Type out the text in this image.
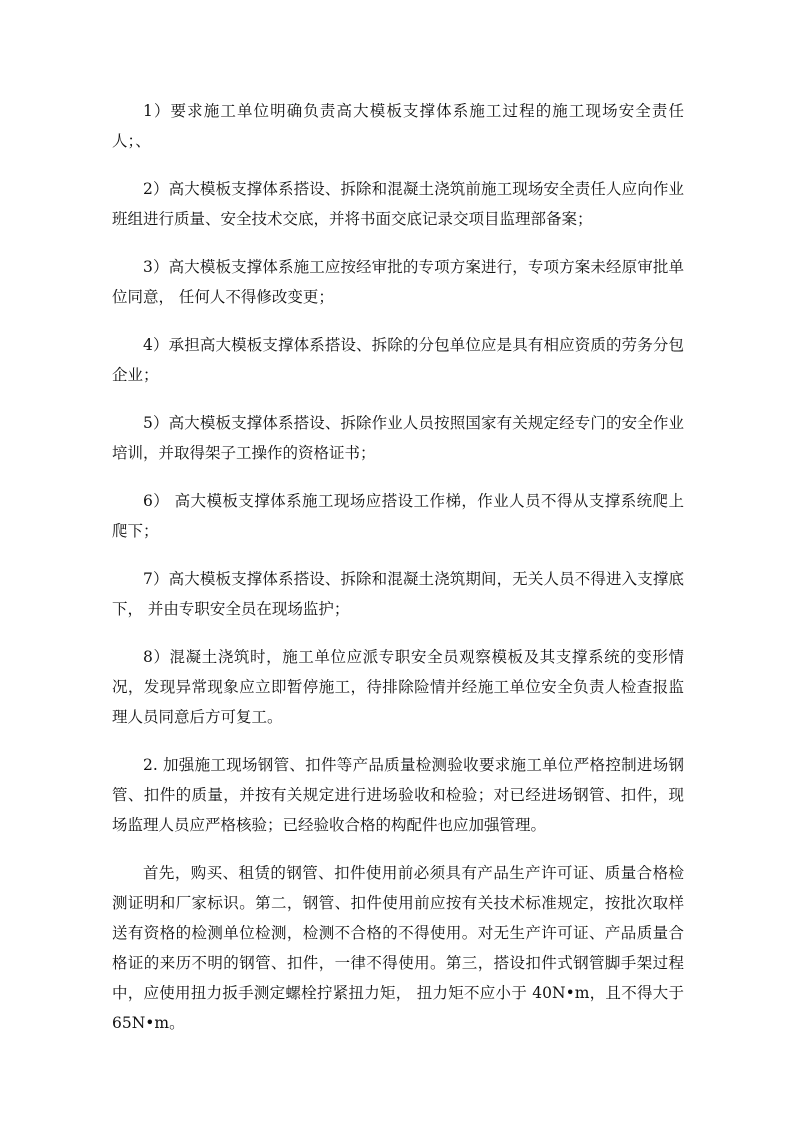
1）要求施工单位明确负责高大模板支撑体系施工过程的施工现场安全责任人；、

2）高大模板支撑体系搭设、拆除和混凝土浇筑前施工现场安全责任人应向作业班组进行质量、安全技术交底，并将书面交底记录交项目监理部备案；

3）高大模板支撑体系施工应按经审批的专项方案进行，专项方案未经原审批单位同意， 任何人不得修改变更；

4）承担高大模板支撑体系搭设、拆除的分包单位应是具有相应资质的劳务分包企业；

5）高大模板支撑体系搭设、拆除作业人员按照国家有关规定经专门的安全作业培训，并取得架子工操作的资格证书；

6） 高大模板支撑体系施工现场应搭设工作梯，作业人员不得从支撑系统爬上爬下；

7）高大模板支撑体系搭设、拆除和混凝土浇筑期间，无关人员不得进入支撑底下， 并由专职安全员在现场监护；

8）混凝土浇筑时，施工单位应派专职安全员观察模板及其支撑系统的变形情况，发现异常现象应立即暂停施工，待排除险情并经施工单位安全负责人检查报监理人员同意后方可复工。

2. 加强施工现场钢管、扣件等产品质量检测验收要求施工单位严格控制进场钢管、扣件的质量，并按有关规定进行进场验收和检验；对已经进场钢管、扣件，现场监理人员应严格核验；已经验收合格的构配件也应加强管理。

首先，购买、租赁的钢管、扣件使用前必须具有产品生产许可证、质量合格检测证明和厂家标识。第二，钢管、扣件使用前应按有关技术标准规定，按批次取样送有资格的检测单位检测，检测不合格的不得使用。对无生产许可证、产品质量合格证的来历不明的钢管、扣件，一律不得使用。第三，搭设扣件式钢管脚手架过程中，应使用扭力扳手测定螺栓拧紧扭力矩， 扭力矩不应小于 40N•m，且不得大于 65N•m。
